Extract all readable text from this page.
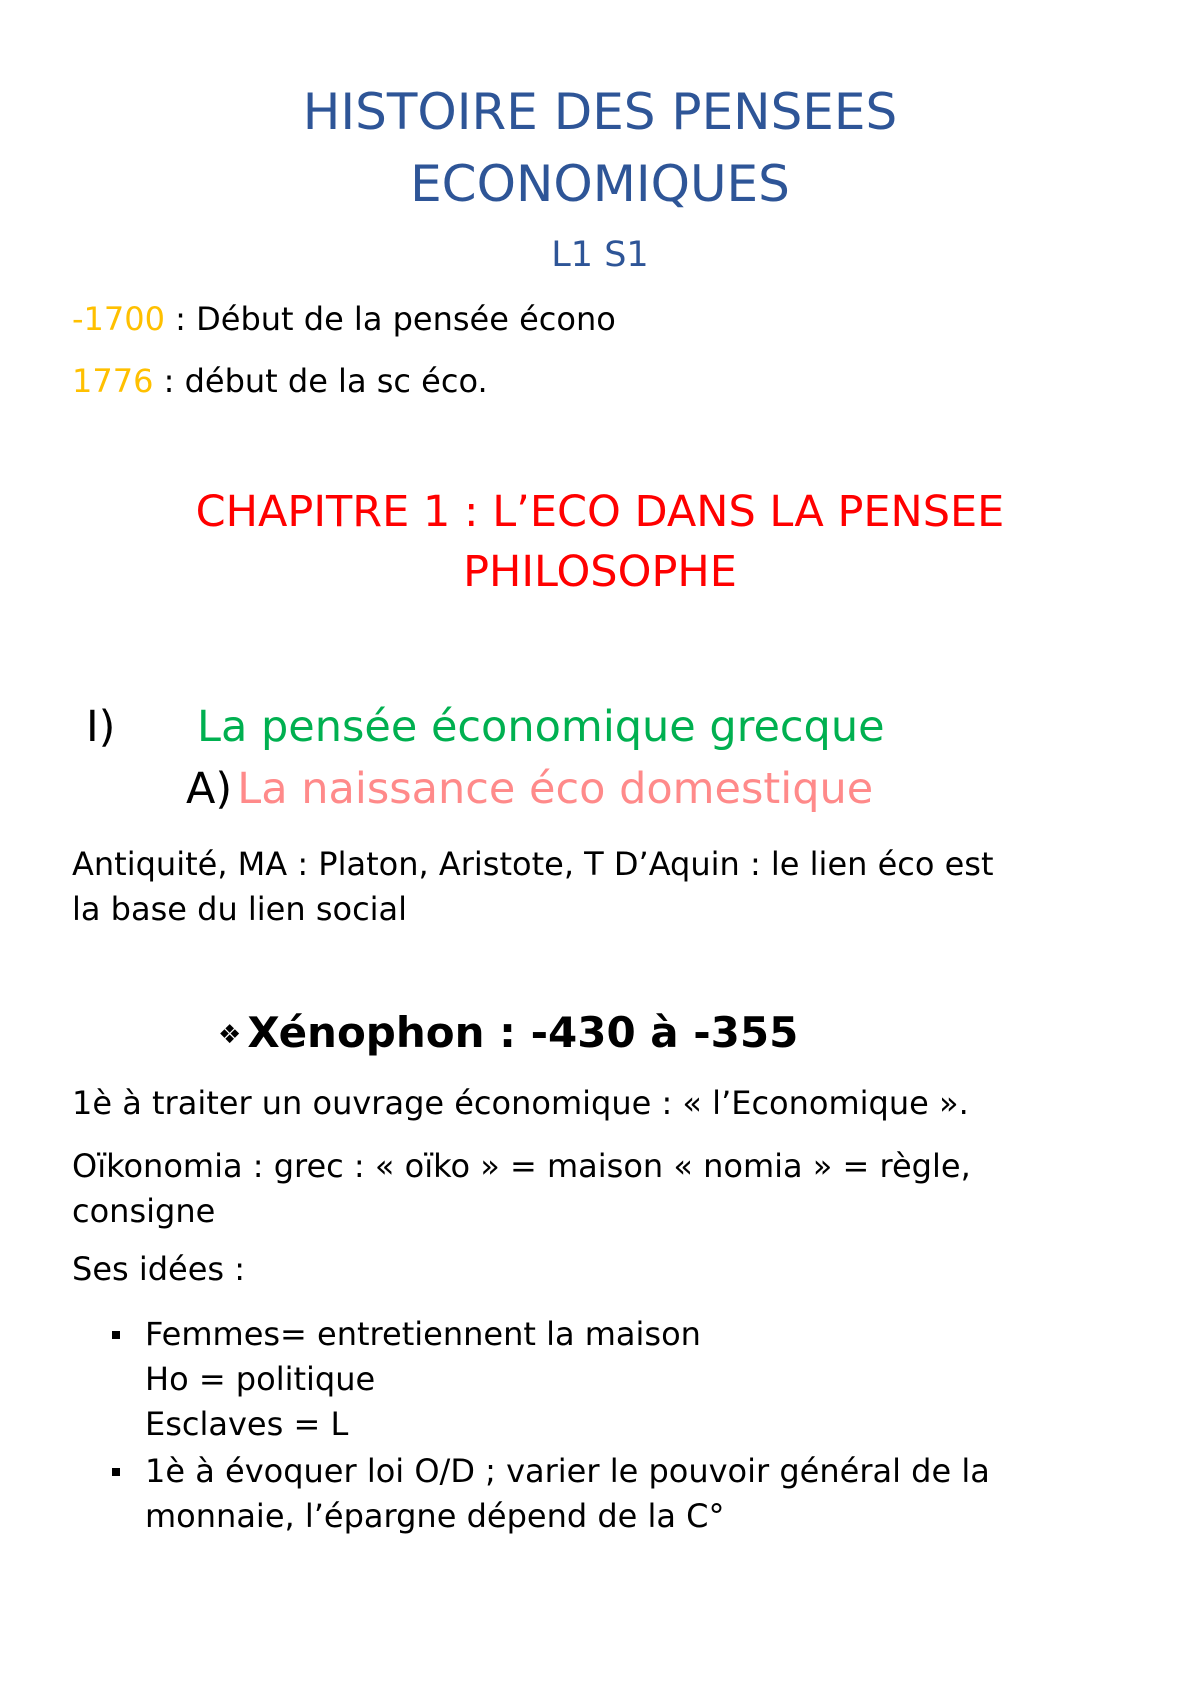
HISTOIRE DES PENSEES
ECONOMIQUES
L1 S1
-1700 : Début de la pensée écono
1776 : début de la sc éco.
CHAPITRE 1 : L’ECO DANS LA PENSEE
PHILOSOPHE
I) La pensée économique grecque
A) La naissance éco domestique
Antiquité, MA : Platon, Aristote, T D’Aquin : le lien éco est
la base du lien social
❖ Xénophon : -430 à -355
1è à traiter un ouvrage économique : « l’Economique ».
Oïkonomia : grec : « oïko » = maison « nomia » = règle,
consigne
Ses idées :
Femmes= entretiennent la maison
Ho = politique
Esclaves = L
1è à évoquer loi O/D ; varier le pouvoir général de la
monnaie, l’épargne dépend de la C°
